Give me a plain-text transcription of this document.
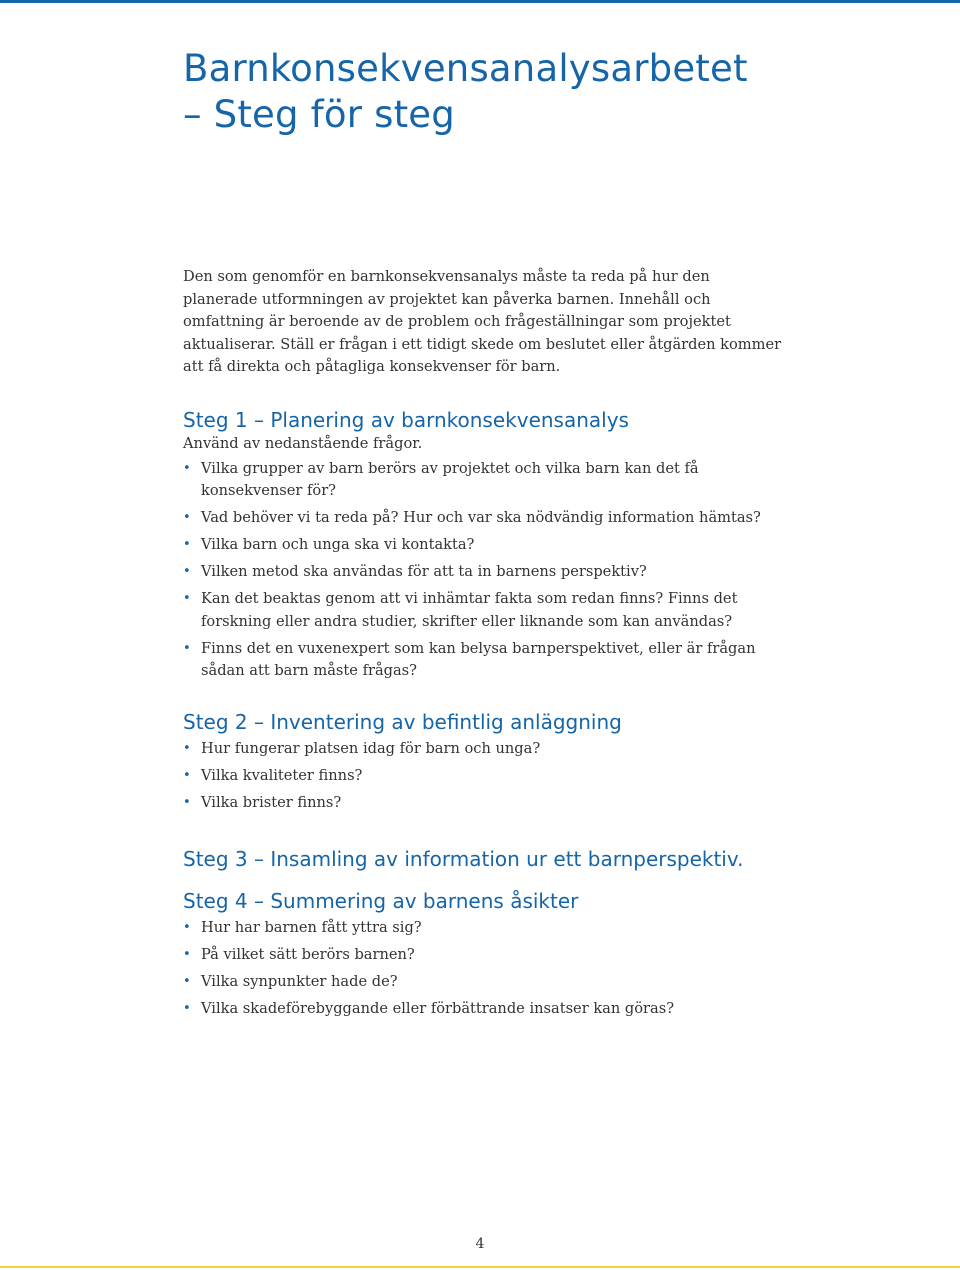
Barnkonsekvensanalysarbetet
– Steg för steg

Den som genomför en barnkonsekvensanalys måste ta reda på hur den planerade utformningen av projektet kan påverka barnen. Innehåll och omfattning är beroende av de problem och frågeställningar som projektet aktualiserar. Ställ er frågan i ett tidigt skede om beslutet eller åtgärden kommer att få direkta och påtagliga konsekvenser för barn.

Steg 1 – Planering av barnkonsekvensanalys

Använd av nedanstående frågor.

• Vilka grupper av barn berörs av projektet och vilka barn kan det få konsekvenser för?
• Vad behöver vi ta reda på? Hur och var ska nödvändig information hämtas?
• Vilka barn och unga ska vi kontakta?
• Vilken metod ska användas för att ta in barnens perspektiv?
• Kan det beaktas genom att vi inhämtar fakta som redan finns? Finns det forskning eller andra studier, skrifter eller liknande som kan användas?
• Finns det en vuxenexpert som kan belysa barnperspektivet, eller är frågan sådan att barn måste frågas?
Steg 2 – Inventering av befintlig anläggning
• Hur fungerar platsen idag för barn och unga?
• Vilka kvaliteter finns?
• Vilka brister finns?
Steg 3 – Insamling av information ur ett barnperspektiv.
Steg 4 – Summering av barnens åsikter
• Hur har barnen fått yttra sig?
• På vilket sätt berörs barnen?
• Vilka synpunkter hade de?
• Vilka skadeförebyggande eller förbättrande insatser kan göras?
4
